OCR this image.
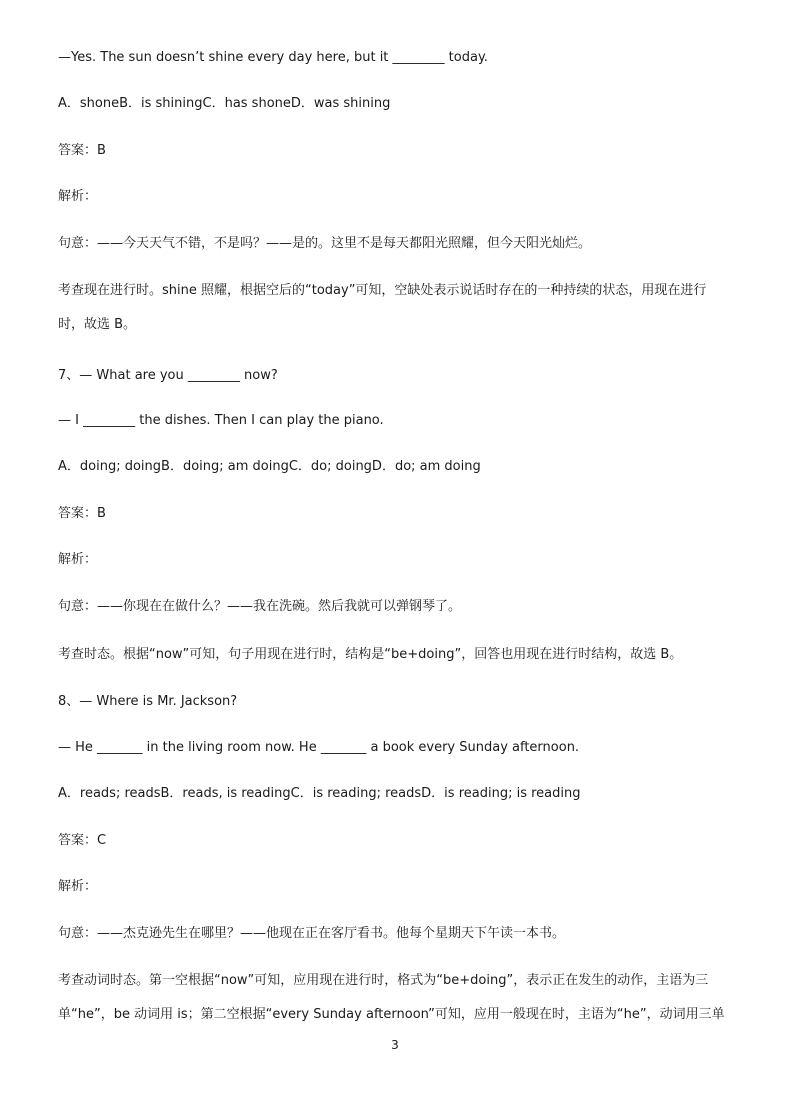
—Yes. The sun doesn’t shine every day here, but it ________ today.
A．shoneB．is shiningC．has shoneD．was shining
答案：B
解析：
句意：——今天天气不错，不是吗？——是的。这里不是每天都阳光照耀，但今天阳光灿烂。
考查现在进行时。shine 照耀，根据空后的“today”可知，空缺处表示说话时存在的一种持续的状态，用现在进行时，故选 B。
7、— What are you ________ now?
— I ________ the dishes. Then I can play the piano.
A．doing; doingB．doing; am doingC．do; doingD．do; am doing
答案：B
解析：
句意：——你现在在做什么？——我在洗碗。然后我就可以弹钢琴了。
考查时态。根据“now”可知，句子用现在进行时，结构是“be+doing”，回答也用现在进行时结构，故选 B。
8、— Where is Mr. Jackson?
— He _______ in the living room now. He _______ a book every Sunday afternoon.
A．reads; readsB．reads, is readingC．is reading; readsD．is reading; is reading
答案：C
解析：
句意：——杰克逊先生在哪里？——他现在正在客厅看书。他每个星期天下午读一本书。
考查动词时态。第一空根据“now”可知，应用现在进行时，格式为“be+doing”，表示正在发生的动作，主语为三单“he”，be 动词用 is；第二空根据“every Sunday afternoon”可知，应用一般现在时，主语为“he”，动词用三单
3
